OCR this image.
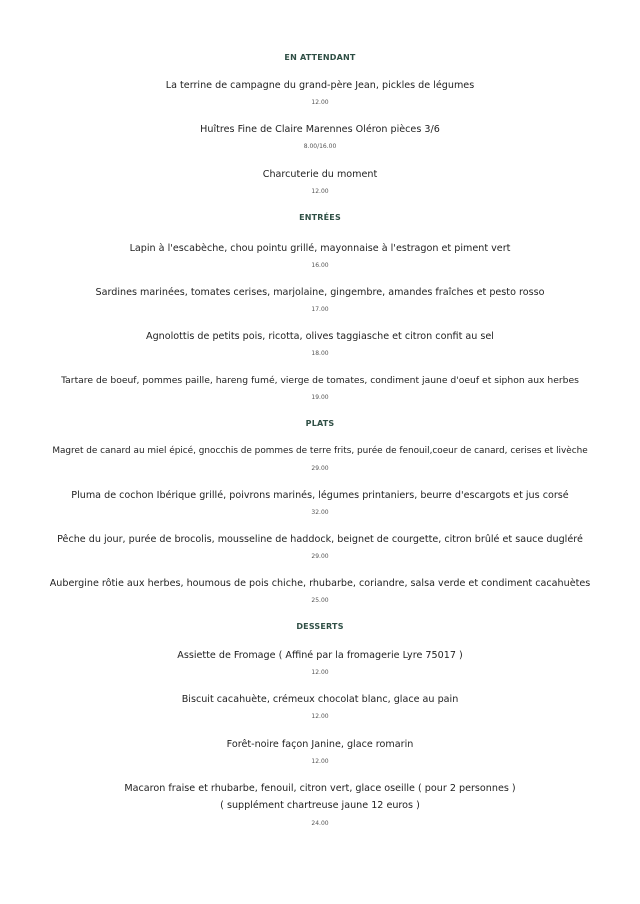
EN ATTENDANT
La terrine de campagne du grand-père Jean, pickles de légumes
12.00
Huîtres Fine de Claire Marennes Oléron pièces 3/6
8.00/16.00
Charcuterie du moment
12.00
ENTRÉES
Lapin à l'escabèche, chou pointu grillé, mayonnaise à l'estragon et piment vert
16.00
Sardines marinées, tomates cerises, marjolaine, gingembre, amandes fraîches et pesto rosso
17.00
Agnolottis de petits pois, ricotta, olives taggiasche et citron confit au sel
18.00
Tartare de boeuf, pommes paille, hareng fumé, vierge de tomates, condiment jaune d'oeuf et siphon aux herbes
19.00
PLATS
Magret de canard au miel épicé, gnocchis de pommes de terre frits, purée de fenouil,coeur de canard, cerises et livèche
29.00
Pluma de cochon Ibérique grillé, poivrons marinés, légumes printaniers, beurre d'escargots et jus corsé
32.00
Pêche du jour, purée de brocolis, mousseline de haddock, beignet de courgette, citron brûlé et sauce dugléré
29.00
Aubergine rôtie aux herbes, houmous de pois chiche, rhubarbe, coriandre, salsa verde et condiment cacahuètes
25.00
DESSERTS
Assiette de Fromage ( Affiné par la fromagerie Lyre 75017 )
12.00
Biscuit cacahuète, crémeux chocolat blanc, glace au pain
12.00
Forêt-noire façon Janine, glace romarin
12.00
Macaron fraise et rhubarbe, fenouil, citron vert, glace oseille ( pour 2 personnes )
( supplément chartreuse jaune 12 euros )
24.00
